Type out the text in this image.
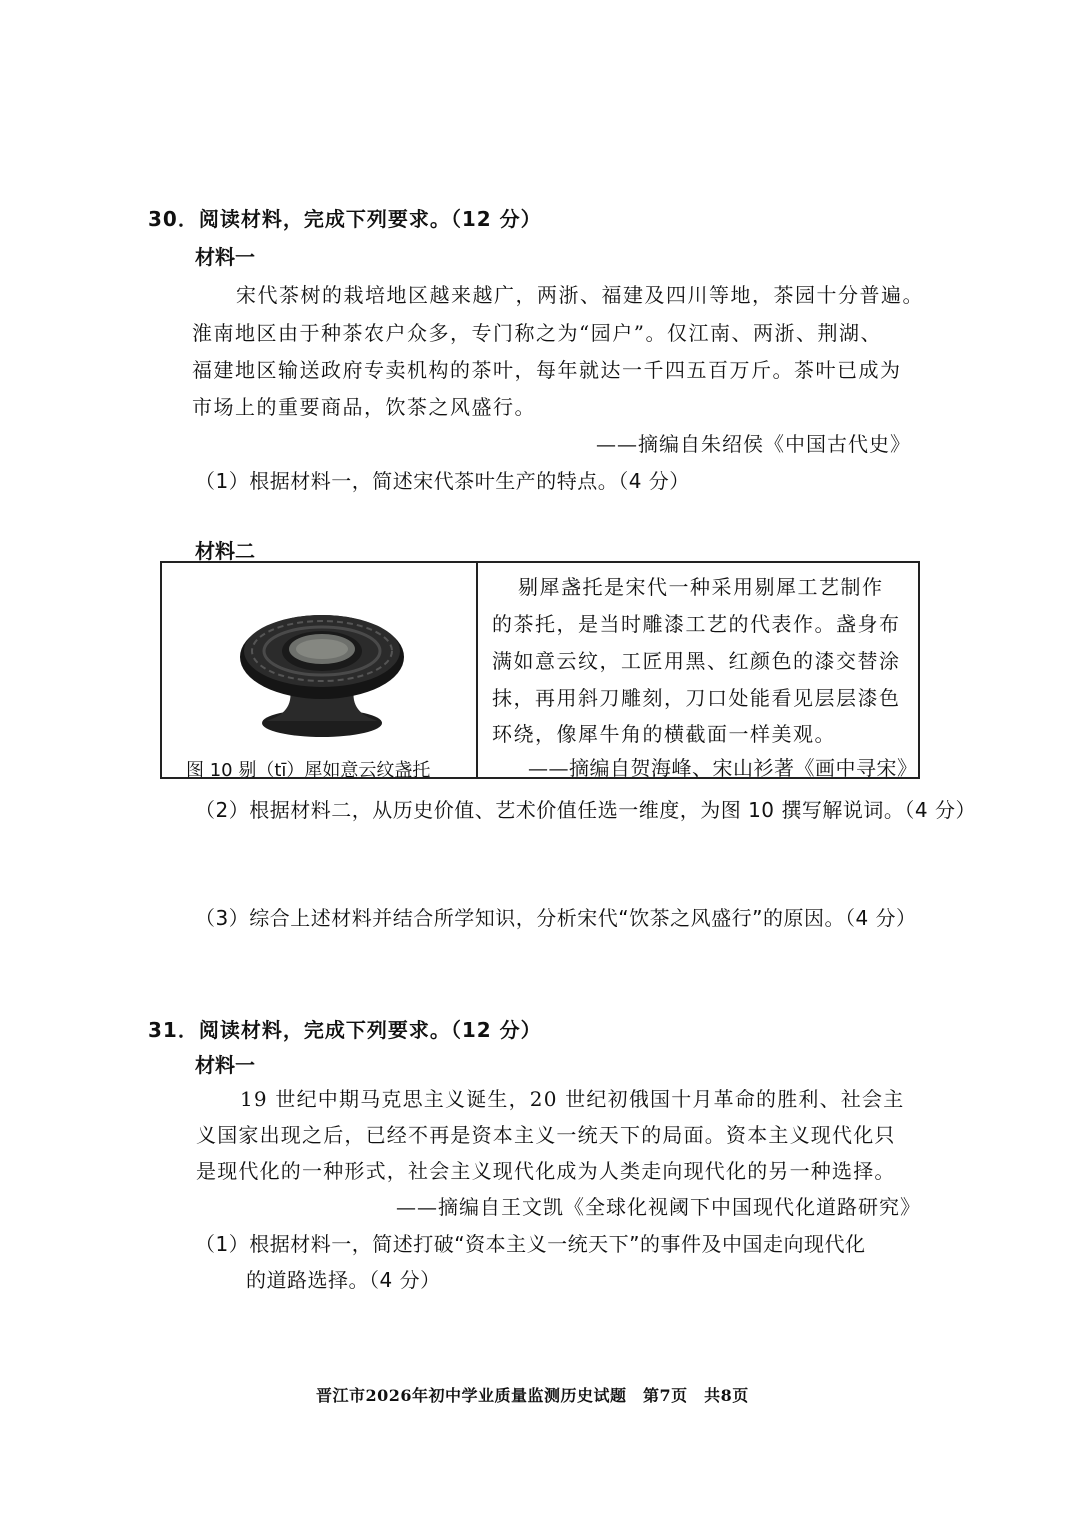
30．阅读材料，完成下列要求。（12 分）
材料一
宋代茶树的栽培地区越来越广，两浙、福建及四川等地，茶园十分普遍。
淮南地区由于种茶农户众多，专门称之为“园户”。仅江南、两浙、荆湖、
福建地区输送政府专卖机构的茶叶，每年就达一千四五百万斤。茶叶已成为
市场上的重要商品，饮茶之风盛行。
——摘编自朱绍侯《中国古代史》
（1）根据材料一，简述宋代茶叶生产的特点。（4 分）
材料二
图 10 剔（tī）犀如意云纹盏托
剔犀盏托是宋代一种采用剔犀工艺制作
的茶托，是当时雕漆工艺的代表作。盏身布
满如意云纹，工匠用黑、红颜色的漆交替涂
抹，再用斜刀雕刻，刀口处能看见层层漆色
环绕，像犀牛角的横截面一样美观。
——摘编自贺海峰、宋山衫著《画中寻宋》
（2）根据材料二，从历史价值、艺术价值任选一维度，为图 10 撰写解说词。（4 分）
（3）综合上述材料并结合所学知识，分析宋代“饮茶之风盛行”的原因。（4 分）
31．阅读材料，完成下列要求。（12 分）
材料一
19 世纪中期马克思主义诞生，20 世纪初俄国十月革命的胜利、社会主
义国家出现之后，已经不再是资本主义一统天下的局面。资本主义现代化只
是现代化的一种形式，社会主义现代化成为人类走向现代化的另一种选择。
——摘编自王文凯《全球化视阈下中国现代化道路研究》
（1）根据材料一，简述打破“资本主义一统天下”的事件及中国走向现代化
的道路选择。（4 分）
晋江市2026年初中学业质量监测历史试题　第7页　共8页
